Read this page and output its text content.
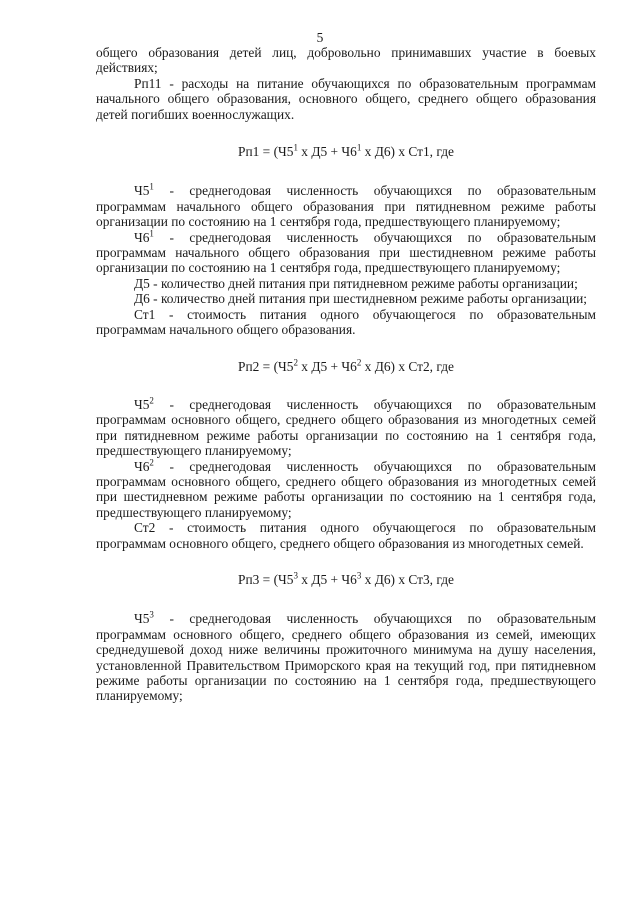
5

общего образования детей лиц, добровольно принимавших участие в боевых действиях;

Рп11 - расходы на питание обучающихся по образовательным программам начального общего образования, основного общего, среднего общего образования детей погибших военнослужащих.

$Рп1 = (Ч5^1$ х $Д5 + Ч6^1$ х Д6) х Ст1, где

$Ч5^1$ - среднегодовая численность обучающихся по образовательным программам начального общего образования при пятидневном режиме работы организации по состоянию на 1 сентября года, предшествующего планируемому;

$Ч6^1$ - среднегодовая численность обучающихся по образовательным программам начального общего образования при шестидневном режиме работы организации по состоянию на 1 сентября года, предшествующего планируемому;

Д5 - количество дней питания при пятидневном режиме работы организации;

Д6 - количество дней питания при шестидневном режиме работы организации;

Ст1 - стоимость питания одного обучающегося по образовательным программам начального общего образования.

$Рп2 = (Ч5^2$ х $Д5 + Ч6^2$ х Д6) х Ст2, где

$Ч5^2$ - среднегодовая численность обучающихся по образовательным программам основного общего, среднего общего образования из многодетных семей при пятидневном режиме работы организации по состоянию на 1 сентября года, предшествующего планируемому;

$Ч6^2$ - среднегодовая численность обучающихся по образовательным программам основного общего, среднего общего образования из многодетных семей при шестидневном режиме работы организации по состоянию на 1 сентября года, предшествующего планируемому;

Ст2 - стоимость питания одного обучающегося по образовательным программам основного общего, среднего общего образования из многодетных семей.

$Рп3 = (Ч5^3$ х $Д5 + Ч6^3$ х Д6) х Ст3, где

$Ч5^3$ - среднегодовая численность обучающихся по образовательным программам основного общего, среднего общего образования из семей, имеющих среднедушевой доход ниже величины прожиточного минимума на душу населения, установленной Правительством Приморского края на текущий год, при пятидневном режиме работы организации по состоянию на 1 сентября года, предшествующего планируемому;
